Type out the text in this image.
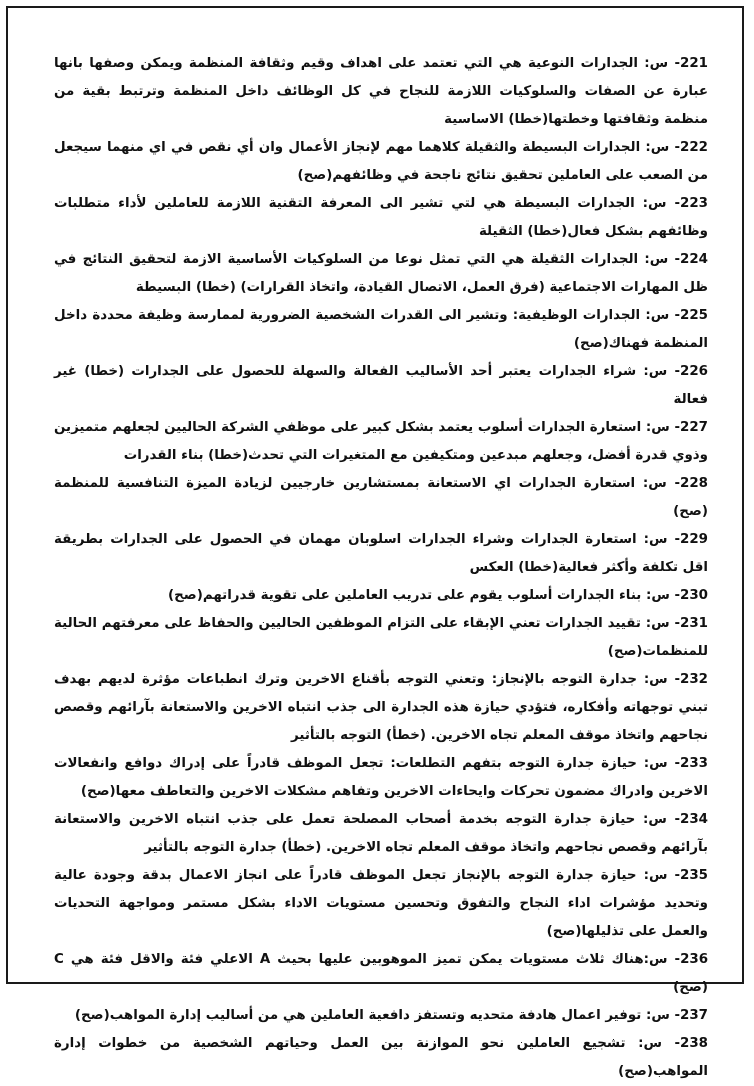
221- س: الجدارات النوعية هي التي تعتمد على اهداف وقيم وثقافة المنظمة ويمكن وصفها بانها عبارة عن الصفات والسلوكيات اللازمة للنجاح في كل الوظائف داخل المنظمة وترتبط بقية من منظمة وثقافتها وخطتها(خطا) الاساسية

222- س: الجدارات البسيطة والثقيلة كلاهما مهم لإنجاز الأعمال وان أي نقص في اي منهما سيجعل من الصعب على العاملين تحقيق نتائج ناجحة في وظائفهم(صح)

223- س: الجدارات البسيطة هي لتي تشير الى المعرفة التقنية اللازمة للعاملين لأداء متطلبات وظائفهم بشكل فعال(خطا) الثقيلة

224- س: الجدارات الثقيلة هي التي تمثل نوعا من السلوكيات الأساسية الازمة لتحقيق النتائج في ظل المهارات الاجتماعية (فرق العمل، الاتصال القيادة، واتخاذ القرارات) (خطا) البسيطة

225- س: الجدارات الوظيفية: وتشير الى القدرات الشخصية الضرورية لممارسة وظيفة محددة داخل المنظمة فهناك(صح)

226- س: شراء الجدارات يعتبر أحد الأساليب الفعالة والسهلة للحصول على الجدارات (خطا) غير فعالة

227- س: استعارة الجدارات أسلوب يعتمد بشكل كبير على موظفي الشركة الحاليين لجعلهم متميزين وذوي قدرة أفضل، وجعلهم مبدعين ومتكيفين مع المتغيرات التي تحدث(خطا) بناء القدرات

228- س: استعارة الجدارات اي الاستعانة بمستشارين خارجيين لزيادة الميزة التنافسية للمنظمة (صح)

229- س: استعارة الجدارات وشراء الجدارات اسلوبان مهمان في الحصول على الجدارات بطريقة اقل تكلفة وأكثر فعالية(خطا) العكس

230- س: بناء الجدارات أسلوب يقوم على تدريب العاملين على تقوية قدراتهم(صح)

231- س: تقييد الجدارات تعني الإبقاء على التزام الموظفين الحاليين والحفاظ على معرفتهم الحالية للمنظمات(صح)

232- س: جدارة التوجه بالإنجاز: وتعني التوجه بأقناع الاخرين وترك انطباعات مؤثرة لديهم بهدف تبني توجهاته وأفكاره، فتؤدي حيازة هذه الجدارة الى جذب انتباه الاخرين والاستعانة بآرائهم وقصص نجاحهم واتخاذ موقف المعلم تجاه الاخرين. (خطأ) التوجه بالتأثير

233- س: حيازة جدارة التوجه بتفهم التطلعات: تجعل الموظف قادراً على إدراك دوافع وانفعالات الاخرين وادراك مضمون تحركات وايحاءات الاخرين وتفاهم مشكلات الاخرين والتعاطف معها(صح)

234- س: حيازة جدارة التوجه بخدمة أصحاب المصلحة تعمل على جذب انتباه الاخرين والاستعانة بآرائهم وقصص نجاحهم واتخاذ موقف المعلم تجاه الاخرين. (خطأ) جدارة التوجه بالتأثير

235- س: حيازة جدارة التوجه بالإنجاز تجعل الموظف قادراً على انجاز الاعمال بدقة وجودة عالية وتحديد مؤشرات اداء النجاح والتفوق وتحسين مستويات الاداء بشكل مستمر ومواجهة التحديات والعمل على تذليلها(صح)

236- س:هناك ثلاث مستويات يمكن تميز الموهوبين عليها بحيث A الاعلي فئة والاقل فئة هي C (صح)

237- س: توفير اعمال هادفة متحديه وتستفز دافعية العاملين هي من أساليب إدارة المواهب(صح)

238- س: تشجيع العاملين نحو الموازنة بين العمل وحياتهم الشخصية من خطوات إدارة المواهب(صح)
